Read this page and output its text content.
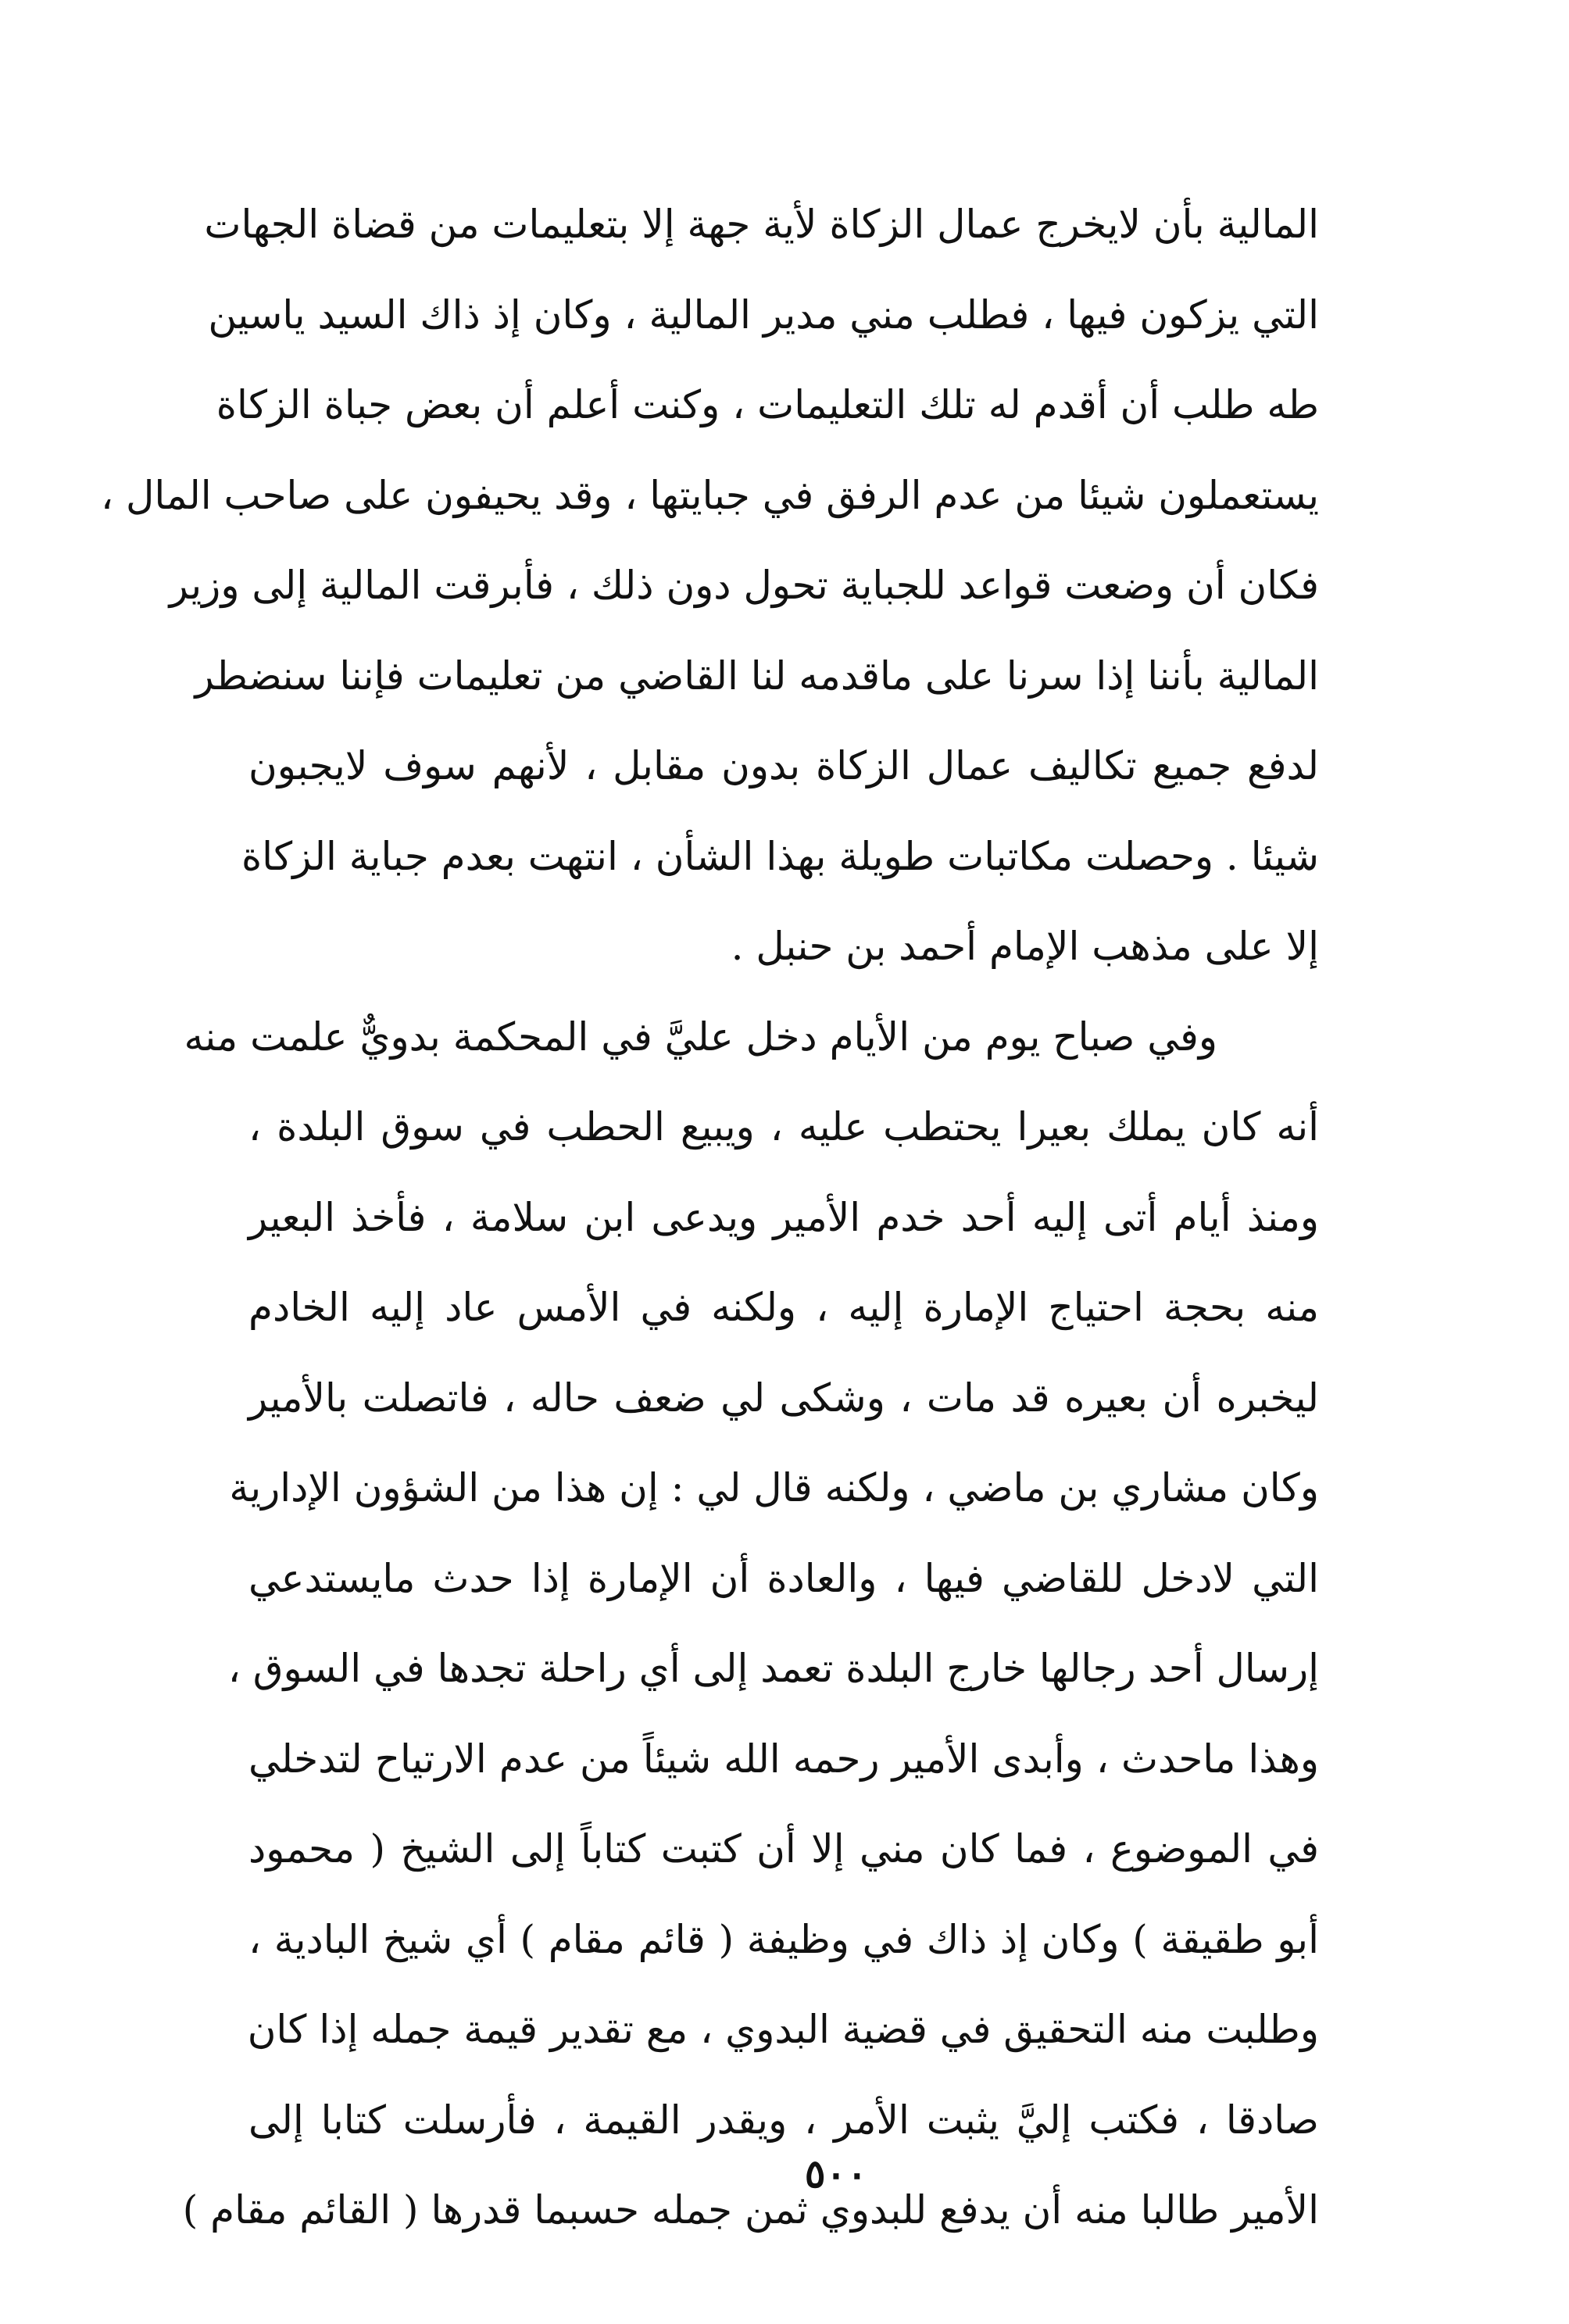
المالية بأن لايخرج عمال الزكاة لأية جهة إلا بتعليمات من قضاة الجهات
التي يزكون فيها ، فطلب مني مدير المالية ، وكان إذ ذاك السيد ياسين
طه طلب أن أقدم له تلك التعليمات ، وكنت أعلم أن بعض جباة الزكاة
يستعملون شيئا من عدم الرفق في جبايتها ، وقد يحيفون على صاحب المال ،
فكان أن وضعت قواعد للجباية تحول دون ذلك ، فأبرقت المالية إلى وزير
المالية بأننا إذا سرنا على ماقدمه لنا القاضي من تعليمات فإننا سنضطر
لدفع جميع تكاليف عمال الزكاة بدون مقابل ، لأنهم سوف لايجبون
شيئا . وحصلت مكاتبات طويلة بهذا الشأن ، انتهت بعدم جباية الزكاة
إلا على مذهب الإمام أحمد بن حنبل .
وفي صباح يوم من الأيام دخل عليَّ في المحكمة بدويٌّ علمت منه
أنه كان يملك بعيرا يحتطب عليه ، ويبيع الحطب في سوق البلدة ،
ومنذ أيام أتى إليه أحد خدم الأمير ويدعى ابن سلامة ، فأخذ البعير
منه بحجة احتياج الإمارة إليه ، ولكنه في الأمس عاد إليه الخادم
ليخبره أن بعيره قد مات ، وشكى لي ضعف حاله ، فاتصلت بالأمير
وكان مشاري بن ماضي ، ولكنه قال لي : إن هذا من الشؤون الإدارية
التي لادخل للقاضي فيها ، والعادة أن الإمارة إذا حدث مايستدعي
إرسال أحد رجالها خارج البلدة تعمد إلى أي راحلة تجدها في السوق ،
وهذا ماحدث ، وأبدى الأمير رحمه الله شيئاً من عدم الارتياح لتدخلي
في الموضوع ، فما كان مني إلا أن كتبت كتاباً إلى الشيخ ( محمود
أبو طقيقة ) وكان إذ ذاك في وظيفة ( قائم مقام ) أي شيخ البادية ،
وطلبت منه التحقيق في قضية البدوي ، مع تقدير قيمة جمله إذا كان
صادقا ، فكتب إليَّ يثبت الأمر ، ويقدر القيمة ، فأرسلت كتابا إلى
الأمير طالبا منه أن يدفع للبدوي ثمن جمله حسبما قدرها ( القائم مقام )
٥٠٠
